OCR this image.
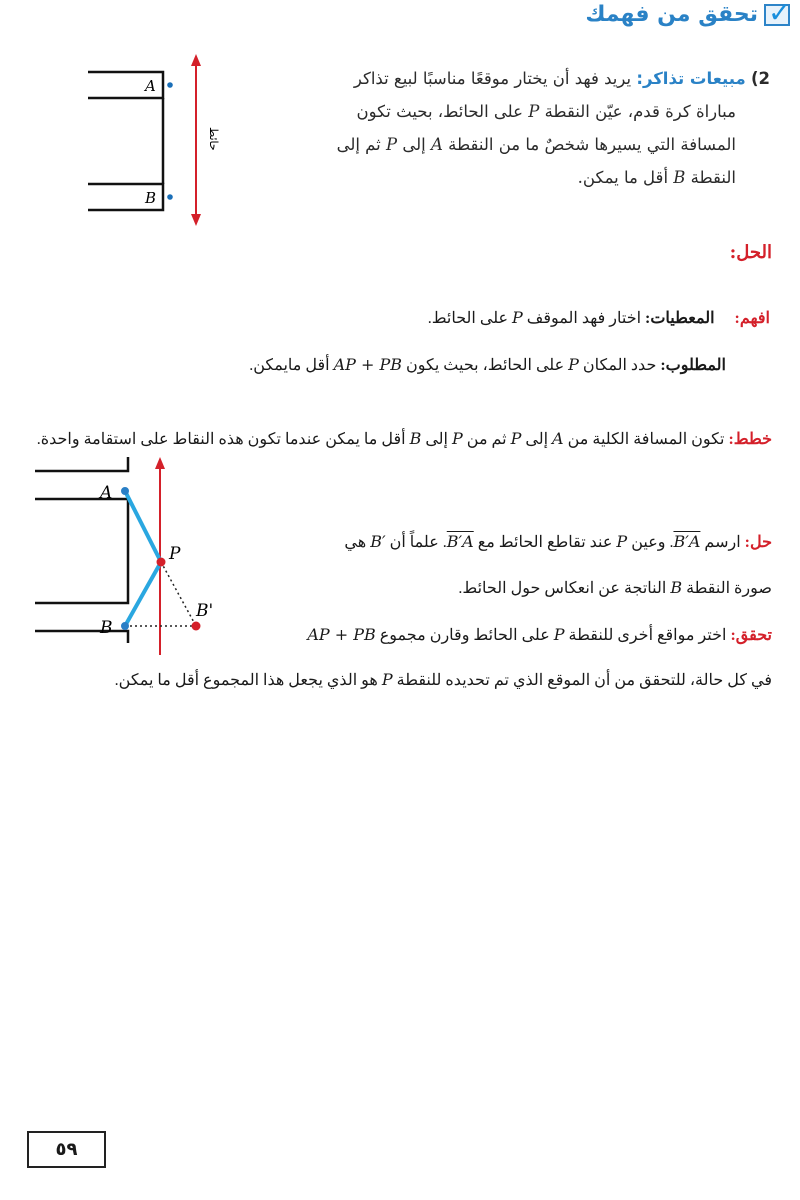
تحقق من فهمك ✓
2) مبيعات تذاكر: يريد فهد أن يختار موقعًا مناسبًا لبيع تذاكر
مباراة كرة قدم، عيّن النقطة P على الحائط، بحيث تكون
المسافة التي يسيرها شخصٌ ما من النقطة A إلى P ثم إلى
النقطة B أقل ما يمكن.
A
B
حائط
الحل:
افهم:     المعطيات: اختار فهد الموقف P على الحائط.
المطلوب: حدد المكان P على الحائط، بحيث يكون AP + PB أقل مايمكن.
خطط: تكون المسافة الكلية من A إلى P ثم من P إلى B أقل ما يمكن عندما تكون هذه النقاط على استقامة واحدة.
A
B
P
B'
حل: ارسم B′A. وعين P عند تقاطع الحائط مع B′A. علماً أن B′ هي
صورة النقطة B الناتجة عن انعكاس حول الحائط.
تحقق: اختر مواقع أخرى للنقطة P على الحائط وقارن مجموع AP + PB
في كل حالة، للتحقق من أن الموقع الذي تم تحديده للنقطة P هو الذي يجعل هذا المجموع أقل ما يمكن.
٥٩
